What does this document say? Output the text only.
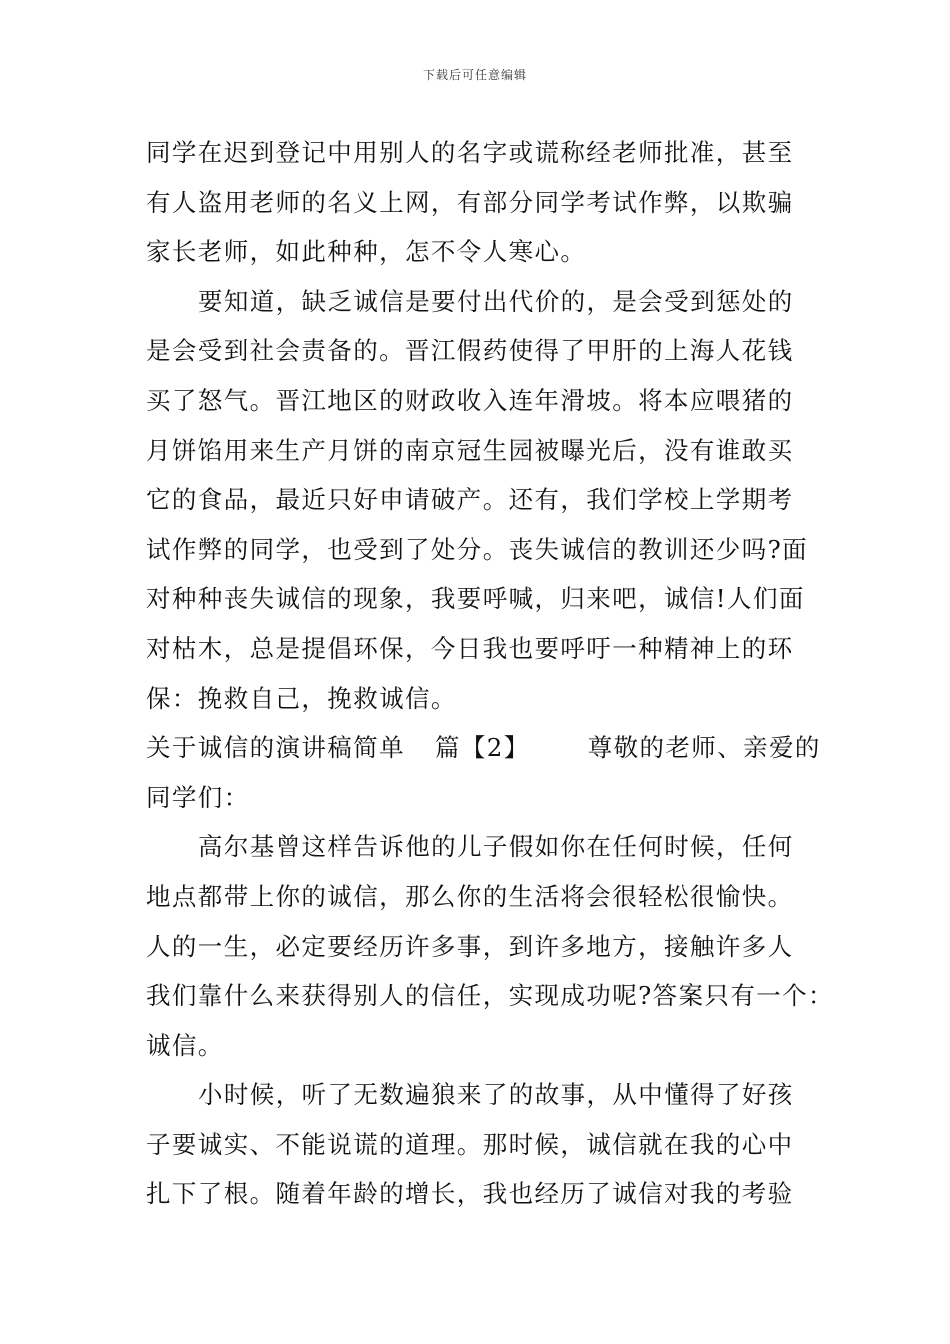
下载后可任意编辑
同学在迟到登记中用别人的名字或谎称经老师批准，甚至
有人盗用老师的名义上网，有部分同学考试作弊，以欺骗
家长老师，如此种种，怎不令人寒心。
要知道，缺乏诚信是要付出代价的，是会受到惩处的
是会受到社会责备的。晋江假药使得了甲肝的上海人花钱
买了怒气。晋江地区的财政收入连年滑坡。将本应喂猪的
月饼馅用来生产月饼的南京冠生园被曝光后，没有谁敢买
它的食品，最近只好申请破产。还有，我们学校上学期考
试作弊的同学，也受到了处分。丧失诚信的教训还少吗?面
对种种丧失诚信的现象，我要呼喊，归来吧，诚信!人们面
对枯木，总是提倡环保，今日我也要呼吁一种精神上的环
保：挽救自己，挽救诚信。
关于诚信的演讲稿简单 篇【2】 尊敬的老师、亲爱的
同学们：
高尔基曾这样告诉他的儿子假如你在任何时候，任何
地点都带上你的诚信，那么你的生活将会很轻松很愉快。
人的一生，必定要经历许多事，到许多地方，接触许多人
我们靠什么来获得别人的信任，实现成功呢?答案只有一个：
诚信。
小时候，听了无数遍狼来了的故事，从中懂得了好孩
子要诚实、不能说谎的道理。那时候，诚信就在我的心中
扎下了根。随着年龄的增长，我也经历了诚信对我的考验
